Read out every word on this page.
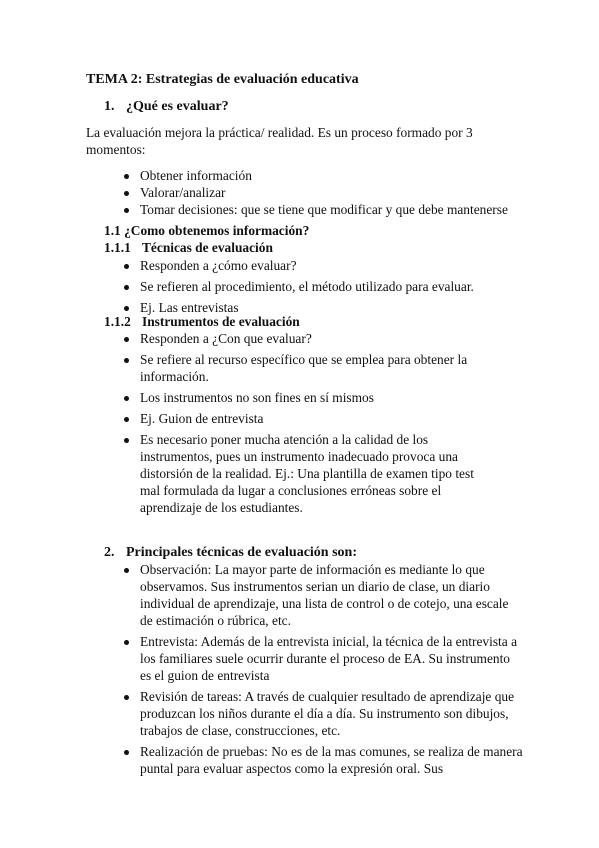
TEMA 2: Estrategias de evaluación educativa
1. ¿Qué es evaluar?
La evaluación mejora la práctica/ realidad. Es un proceso formado por 3 momentos:
Obtener información
Valorar/analizar
Tomar decisiones: que se tiene que modificar y que debe mantenerse
1.1 ¿Como obtenemos información?
1.1.1 Técnicas de evaluación
Responden a ¿cómo evaluar?
Se refieren al procedimiento, el método utilizado para evaluar.
Ej. Las entrevistas
1.1.2 Instrumentos de evaluación
Responden a ¿Con que evaluar?
Se refiere al recurso específico que se emplea para obtener la información.
Los instrumentos no son fines en sí mismos
Ej. Guion de entrevista
Es necesario poner mucha atención a la calidad de los instrumentos, pues un instrumento inadecuado provoca una distorsión de la realidad. Ej.: Una plantilla de examen tipo test mal formulada da lugar a conclusiones erróneas sobre el aprendizaje de los estudiantes.
2. Principales técnicas de evaluación son:
Observación: La mayor parte de información es mediante lo que observamos. Sus instrumentos serian un diario de clase, un diario individual de aprendizaje, una lista de control o de cotejo, una escale de estimación o rúbrica, etc.
Entrevista: Además de la entrevista inicial, la técnica de la entrevista a los familiares suele ocurrir durante el proceso de EA. Su instrumento es el guion de entrevista
Revisión de tareas: A través de cualquier resultado de aprendizaje que produzcan los niños durante el día a día. Su instrumento son dibujos, trabajos de clase, construcciones, etc.
Realización de pruebas: No es de la mas comunes, se realiza de manera puntal para evaluar aspectos como la expresión oral. Sus
